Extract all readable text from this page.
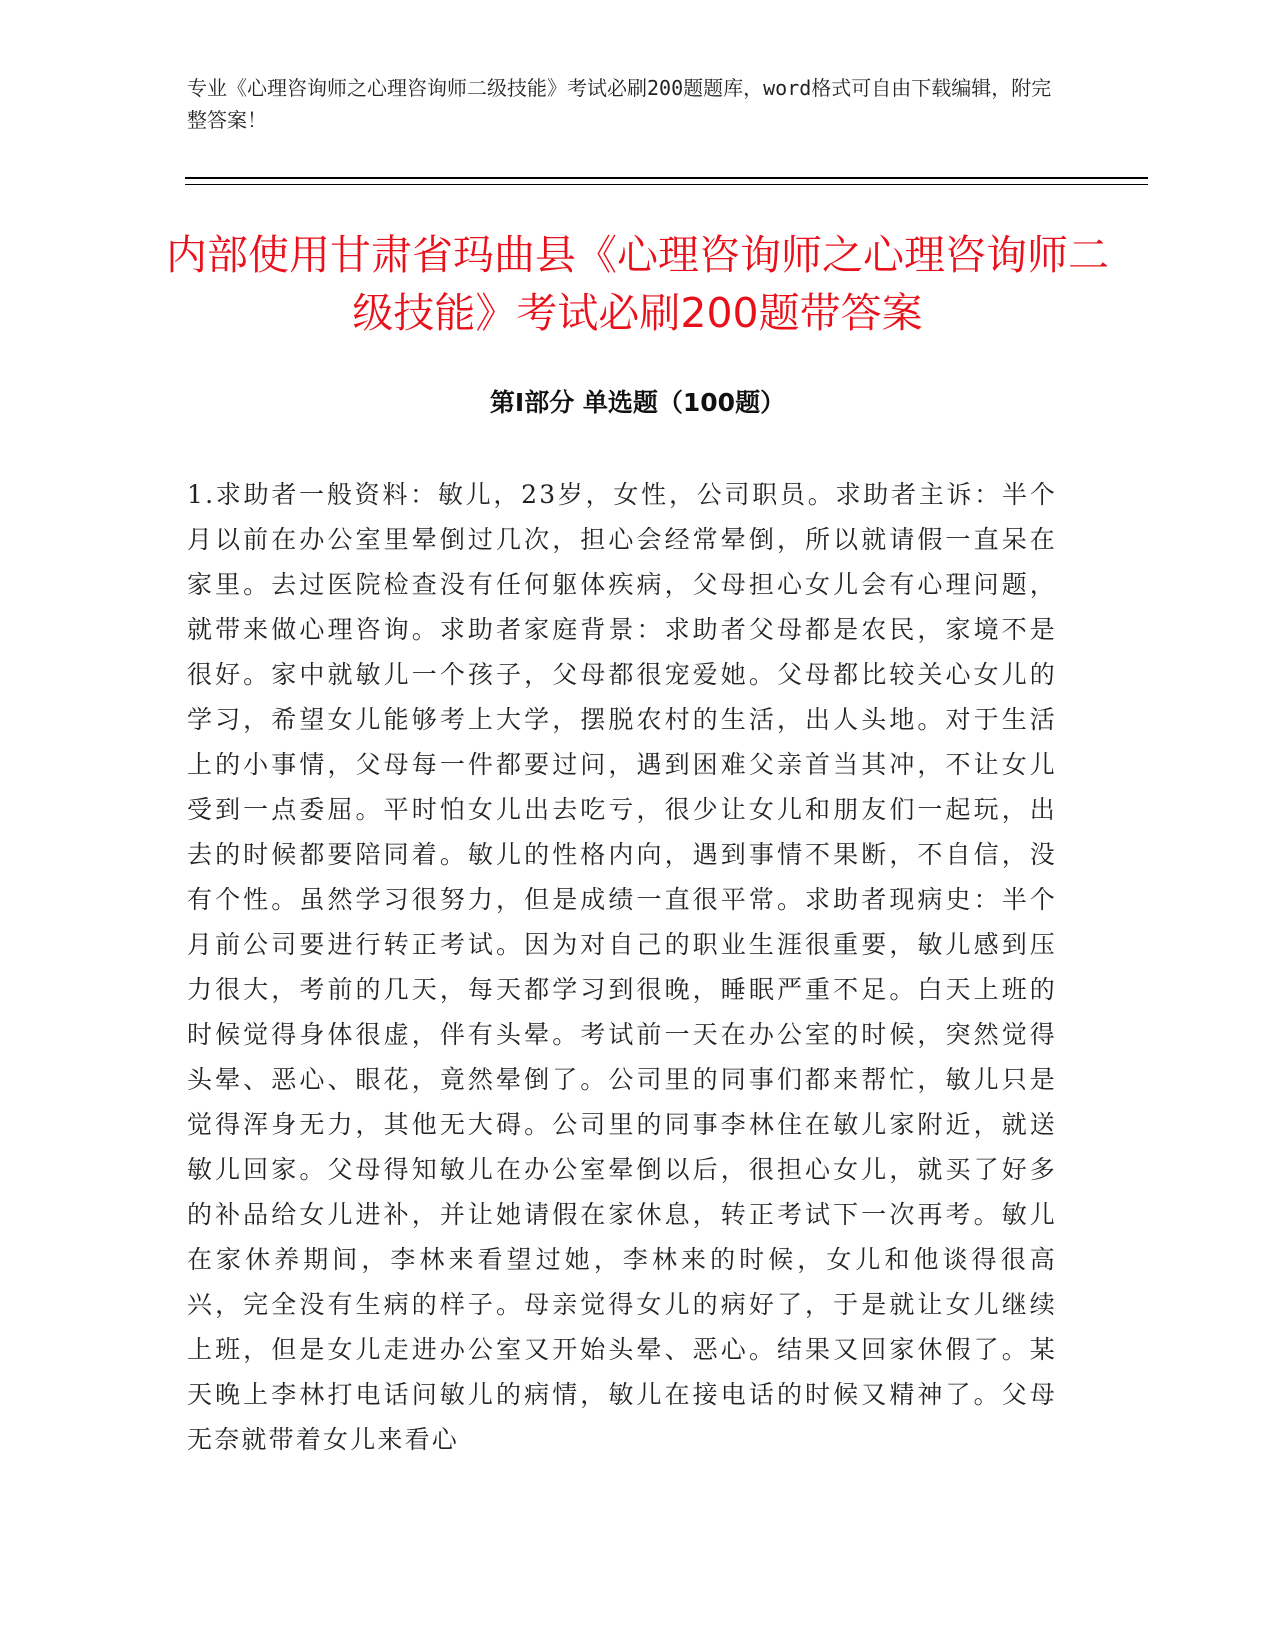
专业《心理咨询师之心理咨询师二级技能》考试必刷200题题库，word格式可自由下载编辑，附完整答案！
内部使用甘肃省玛曲县《心理咨询师之心理咨询师二级技能》考试必刷200题带答案
第Ⅰ部分 单选题（100题）

1.求助者一般资料：敏儿，23岁，女性，公司职员。求助者主诉：半个月以前在办公室里晕倒过几次，担心会经常晕倒，所以就请假一直呆在家里。去过医院检查没有任何躯体疾病，父母担心女儿会有心理问题，就带来做心理咨询。求助者家庭背景：求助者父母都是农民，家境不是很好。家中就敏儿一个孩子，父母都很宠爱她。父母都比较关心女儿的学习，希望女儿能够考上大学，摆脱农村的生活，出人头地。对于生活上的小事情，父母每一件都要过问，遇到困难父亲首当其冲，不让女儿受到一点委屈。平时怕女儿出去吃亏，很少让女儿和朋友们一起玩，出去的时候都要陪同着。敏儿的性格内向，遇到事情不果断，不自信，没有个性。虽然学习很努力，但是成绩一直很平常。求助者现病史：半个月前公司要进行转正考试。因为对自己的职业生涯很重要，敏儿感到压力很大，考前的几天，每天都学习到很晚，睡眠严重不足。白天上班的时候觉得身体很虚，伴有头晕。考试前一天在办公室的时候，突然觉得头晕、恶心、眼花，竟然晕倒了。公司里的同事们都来帮忙，敏儿只是觉得浑身无力，其他无大碍。公司里的同事李林住在敏儿家附近，就送敏儿回家。父母得知敏儿在办公室晕倒以后，很担心女儿，就买了好多的补品给女儿进补，并让她请假在家休息，转正考试下一次再考。敏儿在家休养期间，李林来看望过她，李林来的时候，女儿和他谈得很高兴，完全没有生病的样子。母亲觉得女儿的病好了，于是就让女儿继续上班，但是女儿走进办公室又开始头晕、恶心。结果又回家休假了。某天晚上李林打电话问敏儿的病情，敏儿在接电话的时候又精神了。父母无奈就带着女儿来看心
